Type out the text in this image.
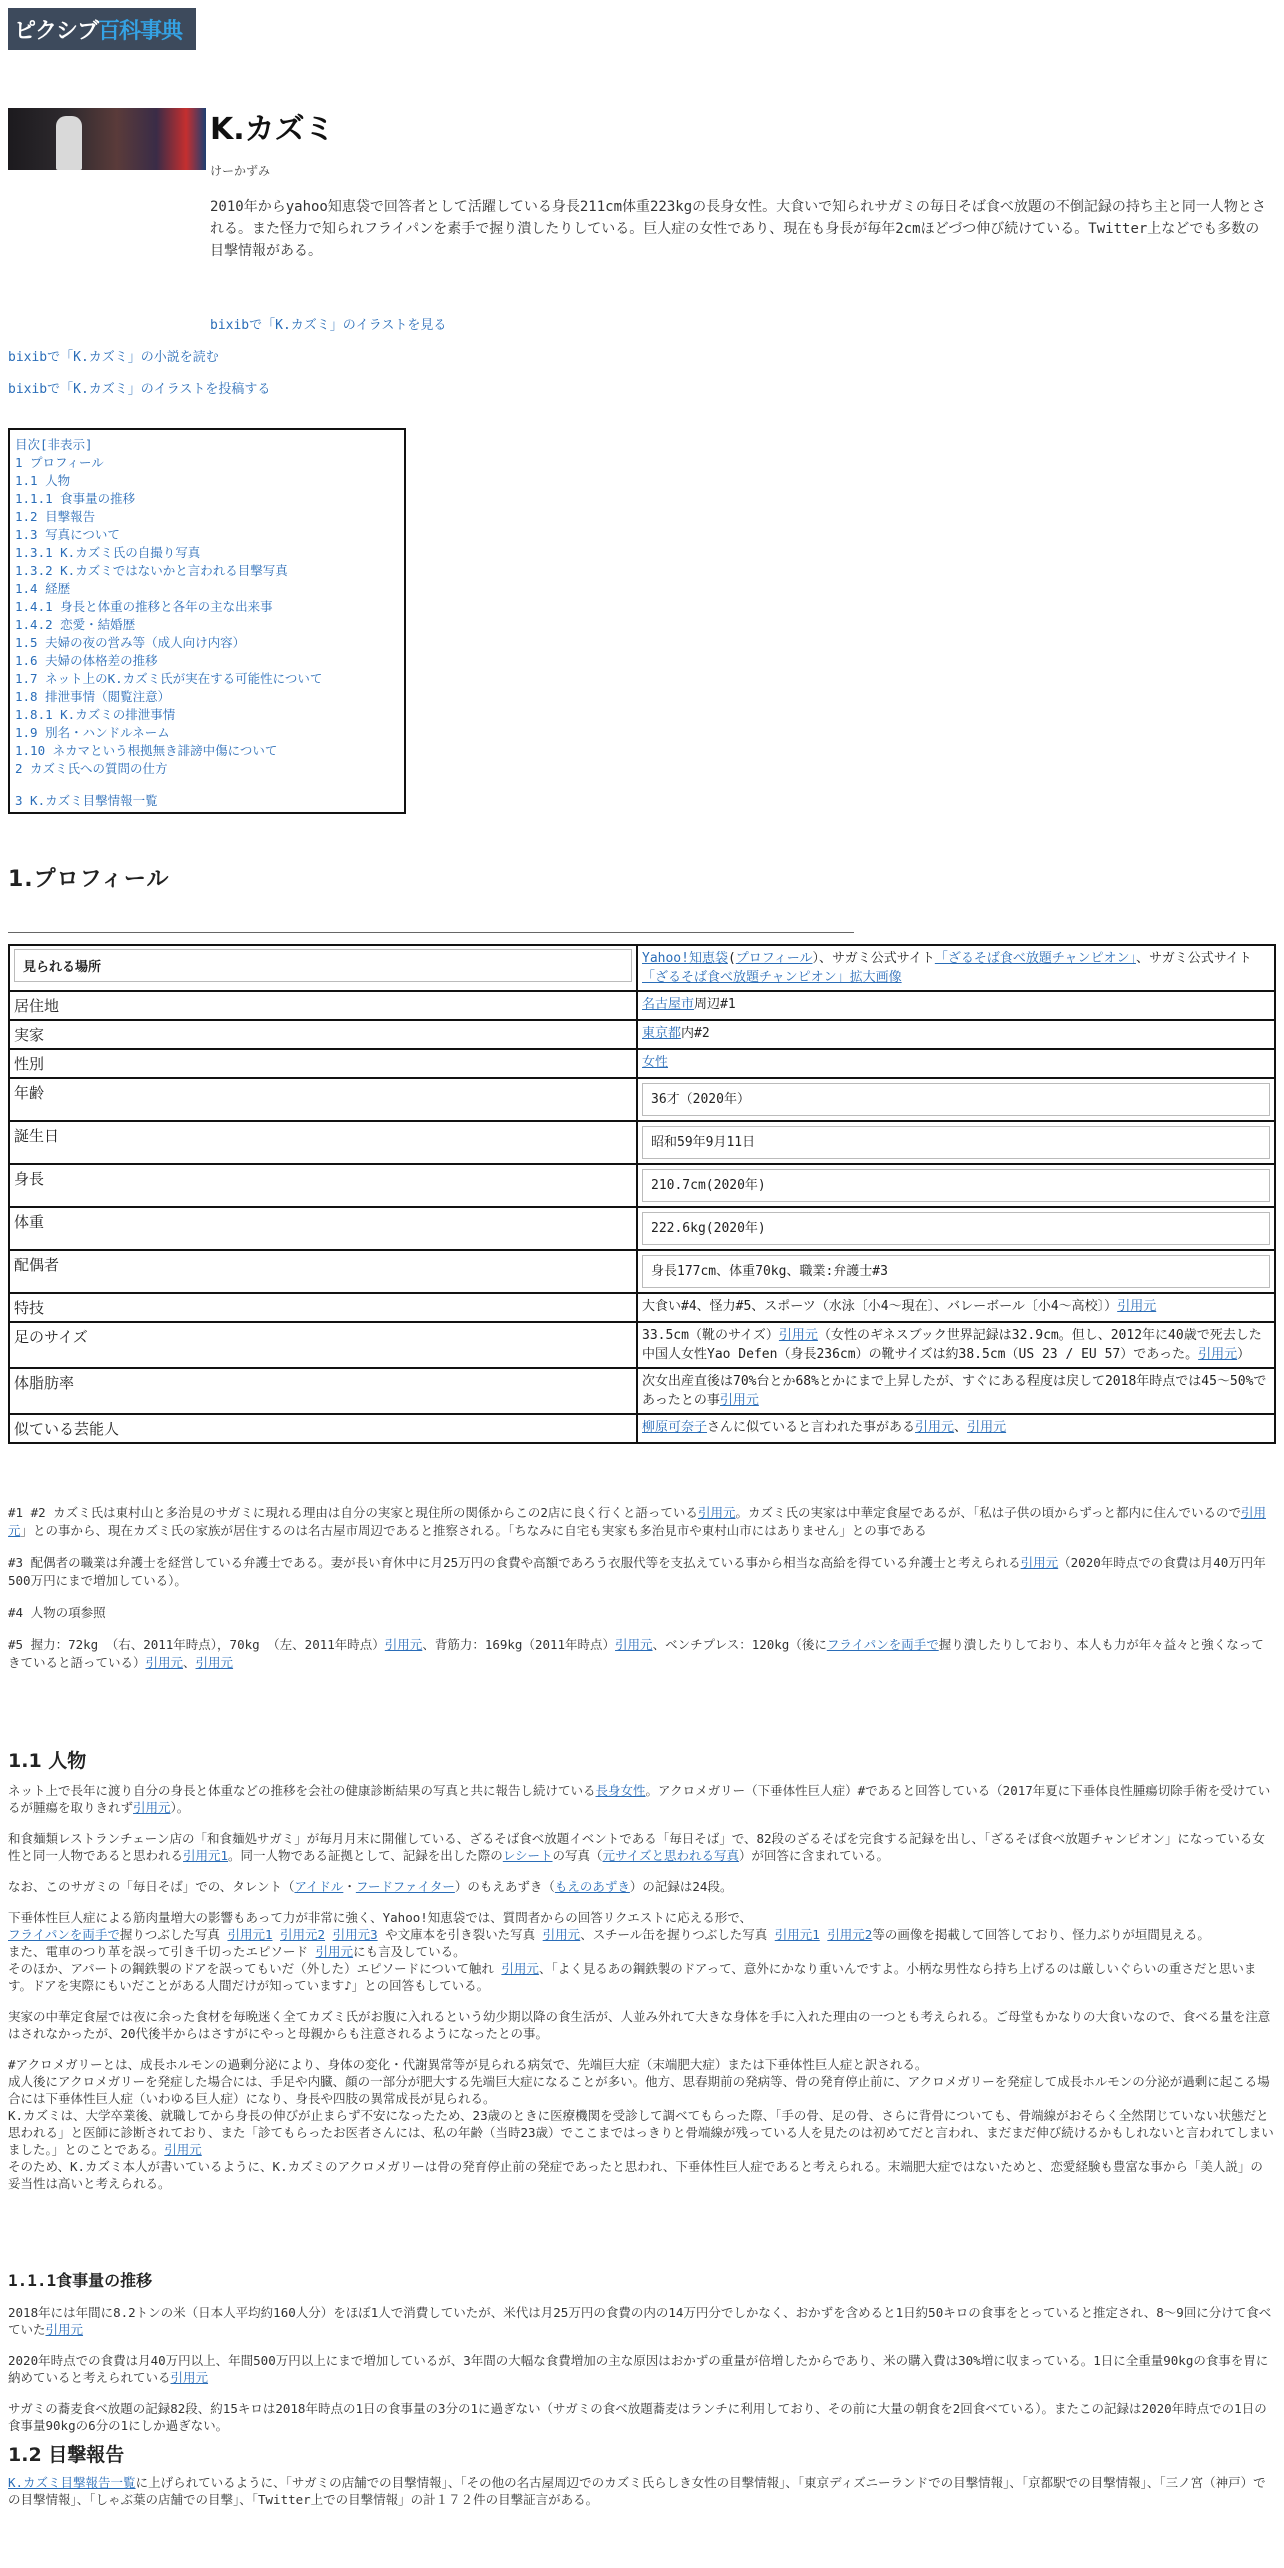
ピクシブ 百科事典
K.カズミ
けーかずみ
2010年からyahoo知恵袋で回答者として活躍している身長211cm体重223kgの長身女性。大食いで知られサガミの毎日そば食べ放題の不倒記録の持ち主と同一人物とされる。また怪力で知られフライパンを素手で握り潰したりしている。巨人症の女性であり、現在も身長が毎年2cmほどづつ伸び続けている。Twitter上などでも多数の目撃情報がある。
bixibで「K.カズミ」のイラストを見る
bixibで「K.カズミ」の小説を読む
bixibで「K.カズミ」のイラストを投稿する
目次[非表示]
1 プロフィール
1.1 人物
1.1.1 食事量の推移
1.2 目撃報告
1.3 写真について
1.3.1 K.カズミ氏の自撮り写真
1.3.2 K.カズミではないかと言われる目撃写真
1.4 経歴
1.4.1 身長と体重の推移と各年の主な出来事
1.4.2 恋愛・結婚歴
1.5 夫婦の夜の営み等（成人向け内容）
1.6 夫婦の体格差の推移
1.7 ネット上のK.カズミ氏が実在する可能性について
1.8 排泄事情（閲覧注意）
1.8.1 K.カズミの排泄事情
1.9 別名・ハンドルネーム
1.10 ネカマという根拠無き誹謗中傷について
2 カズミ氏への質問の仕方
3 K.カズミ目撃情報一覧
1.プロフィール
見られる場所	Yahoo!知恵袋(プロフィール）、サガミ公式サイト「ざるそば食べ放題チャンピオン」、サガミ公式サイト「ざるそば食べ放題チャンピオン」拡大画像
居住地	名古屋市周辺#1
実家	東京都内#2
性別	女性
年齢	36才（2020年）

誕生日	昭和59年9月11日

身長	210.7cm(2020年)

体重	222.6kg(2020年)

配偶者	身長177cm、体重70kg、職業:弁護士#3

特技	大食い#4、怪力#5、スポーツ（水泳〔小4～現在〕、バレーボール〔小4～高校〕）引用元
足のサイズ	33.5cm（靴のサイズ）引用元（女性のギネスブック世界記録は32.9cm。但し、2012年に40歳で死去した中国人女性Yao Defen（身長236cm）の靴サイズは約38.5cm（US 23 / EU 57）であった。引用元）
体脂肪率	次女出産直後は70%台とか68%とかにまで上昇したが、すぐにある程度は戻して2018年時点では45～50%であったとの事引用元
似ている芸能人	柳原可奈子さんに似ていると言われた事がある引用元、引用元

#1 #2 カズミ氏は東村山と多治見のサガミに現れる理由は自分の実家と現住所の関係からこの2店に良く行くと語っている引用元。カズミ氏の実家は中華定食屋であるが、「私は子供の頃からずっと都内に住んでいるので引用元」との事から、現在カズミ氏の家族が居住するのは名古屋市周辺であると推察される。「ちなみに自宅も実家も多治見市や東村山市にはありません」との事である

#3 配偶者の職業は弁護士を経営している弁護士である。妻が長い育休中に月25万円の食費や高額であろう衣服代等を支払えている事から相当な高給を得ている弁護士と考えられる引用元（2020年時点での食費は月40万円年500万円にまで増加している）。

#4 人物の項参照

#5 握力：72kg （右、2011年時点），70kg （左、2011年時点）引用元、背筋力：169kg（2011年時点）引用元、ベンチプレス：120kg（後にフライパンを両手で握り潰したりしており、本人も力が年々益々と強くなってきていると語っている）引用元、引用元

1.1 人物

ネット上で長年に渡り自分の身長と体重などの推移を会社の健康診断結果の写真と共に報告し続けている長身女性。アクロメガリー（下垂体性巨人症）#であると回答している（2017年夏に下垂体良性腫瘍切除手術を受けているが腫瘍を取りきれず引用元）。

和食麺類レストランチェーン店の「和食麺処サガミ」が毎月月末に開催している、ざるそば食べ放題イベントである「毎日そば」で、82段のざるそばを完食する記録を出し、「ざるそば食べ放題チャンピオン」になっている女性と同一人物であると思われる引用元1。同一人物である証拠として、記録を出した際のレシートの写真（元サイズと思われる写真）が回答に含まれている。

なお、このサガミの「毎日そば」での、タレント（アイドル・フードファイター）のもえあずき（もえのあずき）の記録は24段。

下垂体性巨人症による筋肉量増大の影響もあって力が非常に強く、Yahoo!知恵袋では、質問者からの回答リクエストに応える形で、
フライパンを両手で握りつぶした写真 引用元1 引用元2 引用元3 や文庫本を引き裂いた写真 引用元、スチール缶を握りつぶした写真 引用元1 引用元2等の画像を掲載して回答しており、怪力ぶりが垣間見える。
また、電車のつり革を誤って引き千切ったエピソード 引用元にも言及している。
そのほか、アパートの鋼鉄製のドアを誤ってもいだ（外した）エピソードについて触れ 引用元、「よく見るあの鋼鉄製のドアって、意外にかなり重いんですよ。小柄な男性なら持ち上げるのは厳しいぐらいの重さだと思います。ドアを実際にもいだことがある人間だけが知っています♪」との回答もしている。

実家の中華定食屋では夜に余った食材を毎晩迷く全てカズミ氏がお腹に入れるという幼少期以降の食生活が、人並み外れて大きな身体を手に入れた理由の一つとも考えられる。ご母堂もかなりの大食いなので、食べる量を注意はされなかったが、20代後半からはさすがにやっと母親からも注意されるようになったとの事。

#アクロメガリーとは、成長ホルモンの過剰分泌により、身体の変化・代謝異常等が見られる病気で、先端巨大症（末端肥大症）または下垂体性巨人症と訳される。

成人後にアクロメガリーを発症した場合には、手足や内臓、顔の一部分が肥大する先端巨大症になることが多い。他方、思春期前の発病等、骨の発育停止前に、アクロメガリーを発症して成長ホルモンの分泌が過剰に起こる場合には下垂体性巨人症（いわゆる巨人症）になり、身長や四肢の異常成長が見られる。

K.カズミは、大学卒業後、就職してから身長の伸びが止まらず不安になったため、23歳のときに医療機関を受診して調べてもらった際、「手の骨、足の骨、さらに背骨についても、骨端線がおそらく全然閉じていない状態だと思われる」と医師に診断されており、また「診てもらったお医者さんには、私の年齢（当時23歳）でここまではっきりと骨端線が残っている人を見たのは初めてだと言われ、まだまだ伸び続けるかもしれないと言われてしまいました。」とのことである。引用元

そのため、K.カズミ本人が書いているように、K.カズミのアクロメガリーは骨の発育停止前の発症であったと思われ、下垂体性巨人症であると考えられる。末端肥大症ではないためと、恋愛経験も豊富な事から「美人説」の妥当性は高いと考えられる。

1.1.1食事量の推移

2018年には年間に8.2トンの米（日本人平均約160人分）をほぼ1人で消費していたが、米代は月25万円の食費の内の14万円分でしかなく、おかずを含めると1日約50キロの食事をとっていると推定され、8～9回に分けて食べていた引用元

2020年時点での食費は月40万円以上、年間500万円以上にまで増加しているが、3年間の大幅な食費増加の主な原因はおかずの重量が倍増したからであり、米の購入費は30%増に収まっている。1日に全重量90kgの食事を胃に納めていると考えられている引用元

サガミの蕎麦食べ放題の記録82段、約15キロは2018年時点の1日の食事量の3分の1に過ぎない（サガミの食べ放題蕎麦はランチに利用しており、その前に大量の朝食を2回食べている）。またこの記録は2020年時点での1日の食事量90kgの6分の1にしか過ぎない。

1.2 目撃報告
K.カズミ目撃報告一覧に上げられているように、「サガミの店舗での目撃情報」、「その他の名古屋周辺でのカズミ氏らしき女性の目撃情報」、「東京ディズニーランドでの目撃情報」、「京都駅での目撃情報」、「三ノ宮（神戸）での目撃情報」、「しゃぶ葉の店舗での目撃」、「Twitter上での目撃情報」の計１７２件の目撃証言がある。
